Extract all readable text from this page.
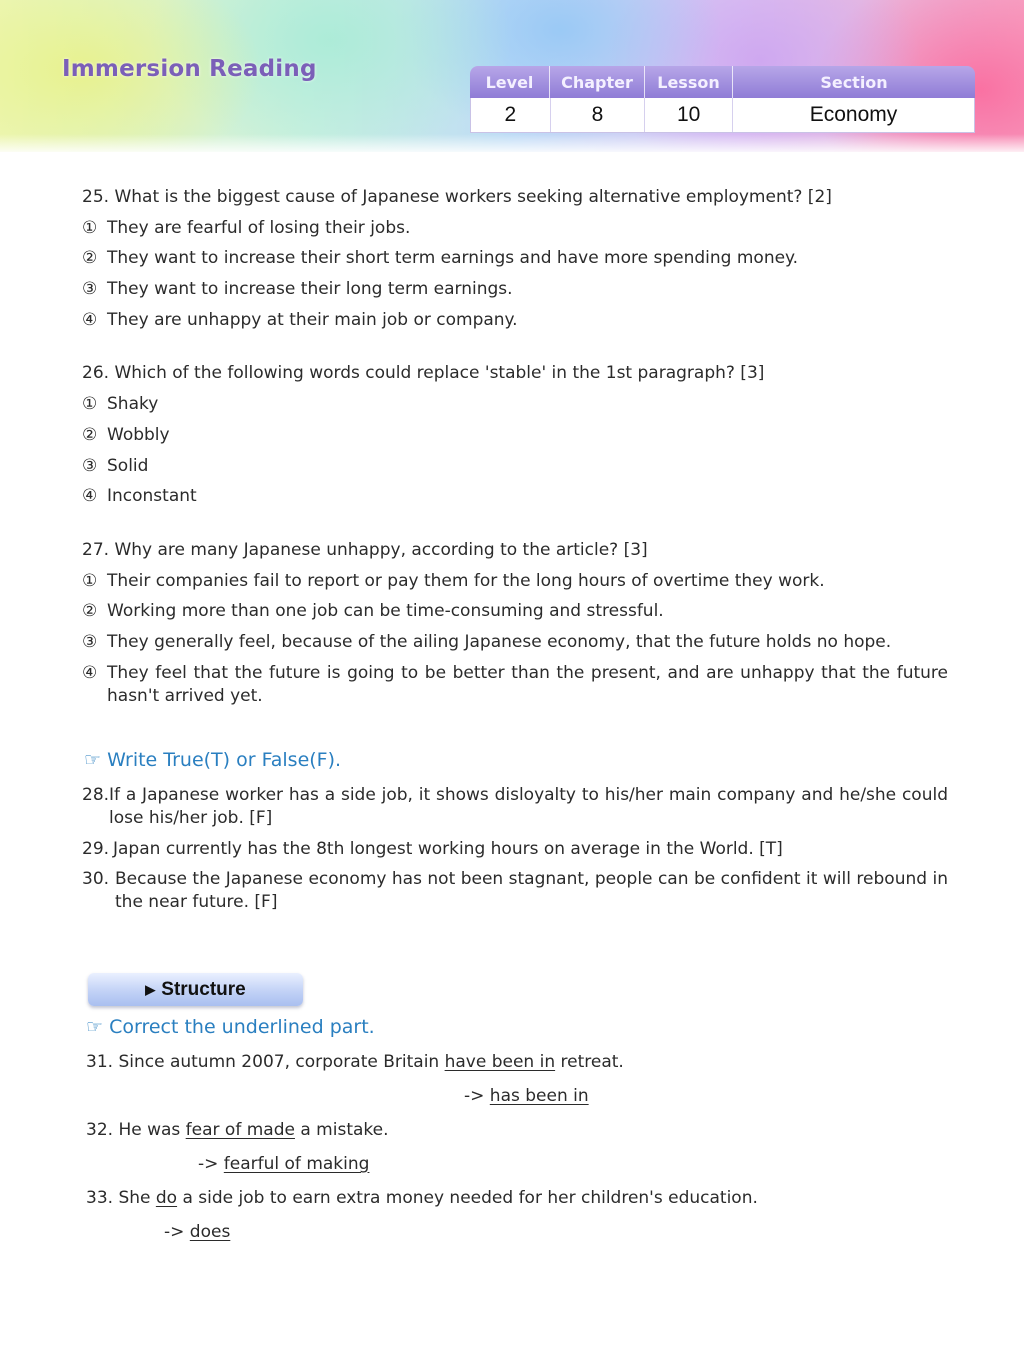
Immersion Reading	Level	Chapter	Lesson	Section
2	8	10	Economy
25. What is the biggest cause of Japanese workers seeking alternative employment? [2]
① They are fearful of losing their jobs.
② They want to increase their short term earnings and have more spending money.
③ They want to increase their long term earnings.
④ They are unhappy at their main job or company.
26. Which of the following words could replace 'stable' in the 1st paragraph? [3]
① Shaky
② Wobbly
③ Solid
④ Inconstant
27. Why are many Japanese unhappy, according to the article? [3]
① Their companies fail to report or pay them for the long hours of overtime they work.
② Working more than one job can be time-consuming and stressful.
③ They generally feel, because of the ailing Japanese economy, that the future holds no hope.
④ They feel that the future is going to be better than the present, and are unhappy that the future hasn't arrived yet.
☞ Write True(T) or False(F).
28. If a Japanese worker has a side job, it shows disloyalty to his/her main company and he/she could lose his/her job. [F]
29. Japan currently has the 8th longest working hours on average in the World. [T]
30. Because the Japanese economy has not been stagnant, people can be confident it will rebound in the near future. [F]
▶ Structure
☞ Correct the underlined part.
31. Since autumn 2007, corporate Britain have been in retreat.
-> has been in
32. He was fear of made a mistake.
-> fearful of making
33. She do a side job to earn extra money needed for her children's education.
-> does
